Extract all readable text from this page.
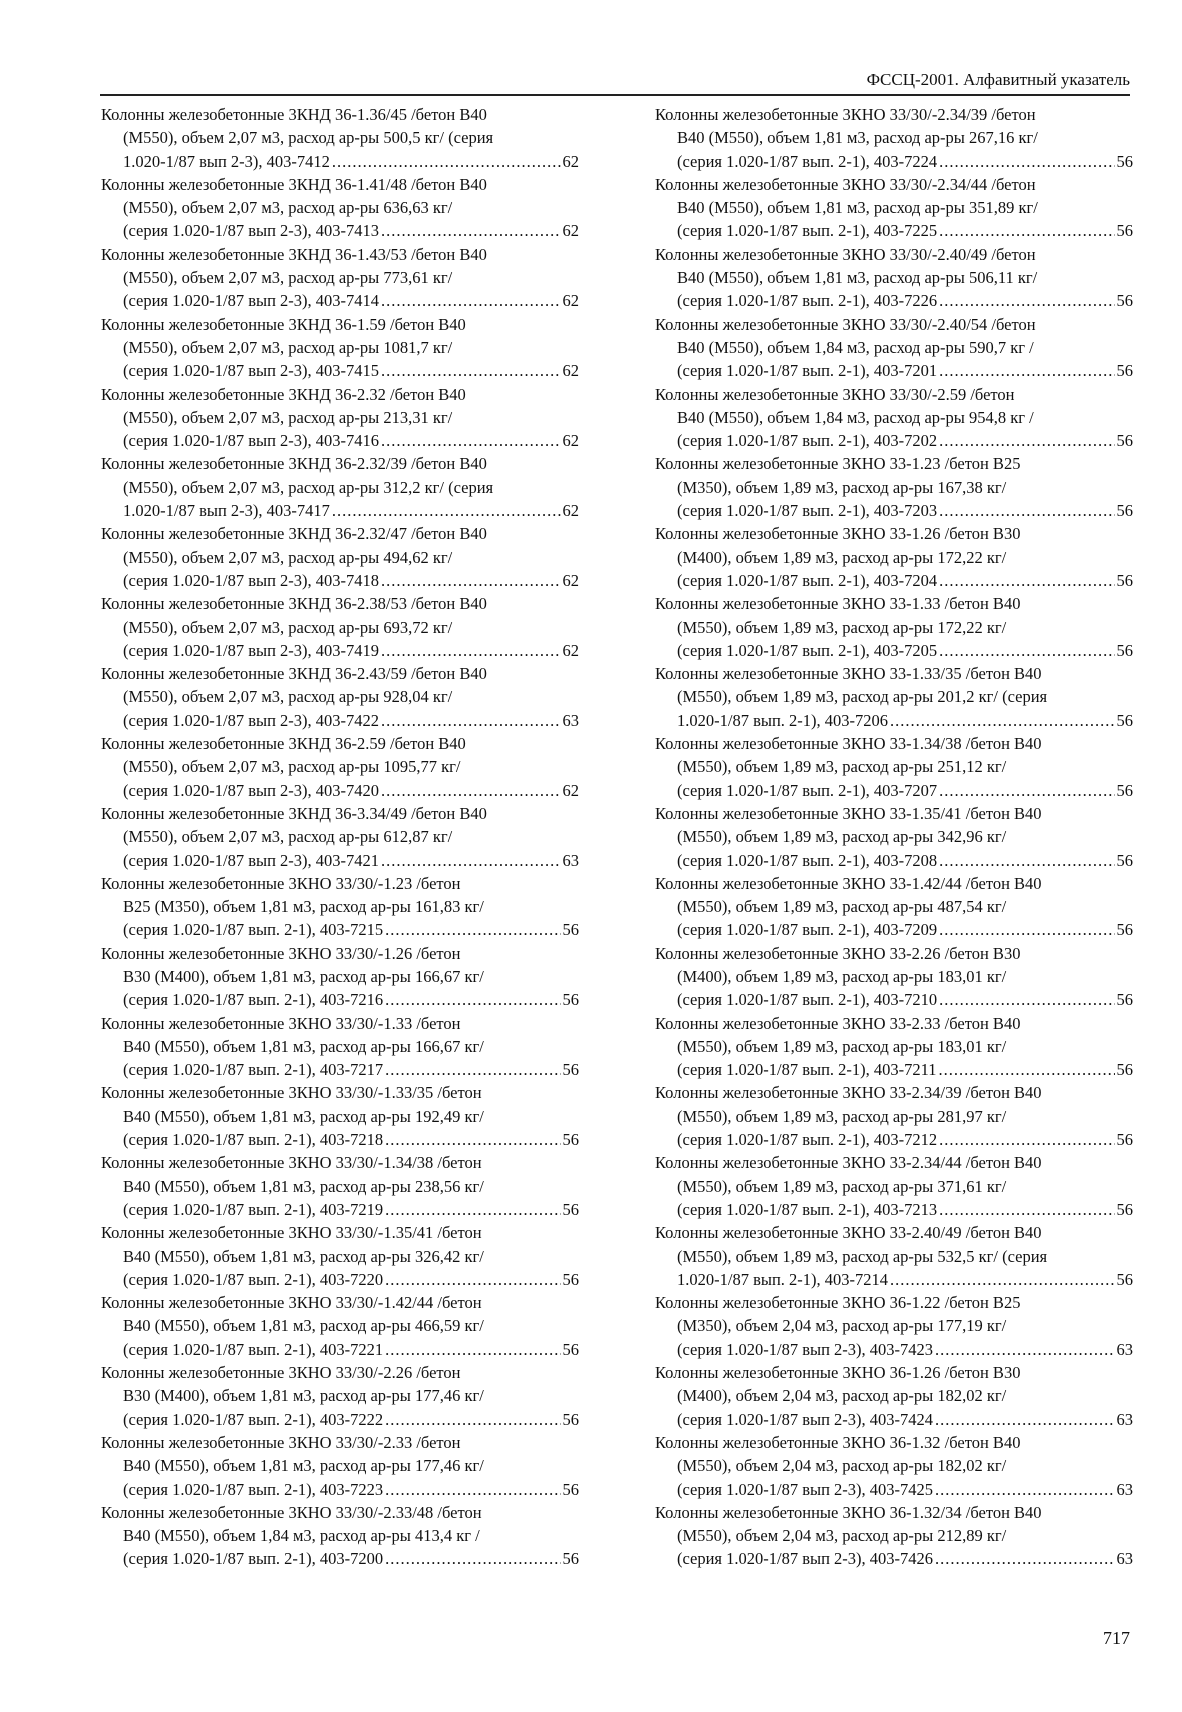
ФССЦ-2001. Алфавитный указатель
Колонны железобетонные 3КНД 36-1.36/45 /бетон В40
(М550), объем 2,07 м3, расход ар-ры 500,5 кг/ (серия
1.020-1/87 вып 2-3), 403-7412 .....	62
Колонны железобетонные 3КНД 36-1.41/48 /бетон В40
(М550), объем 2,07 м3, расход ар-ры 636,63 кг/
(серия 1.020-1/87 вып 2-3), 403-7413 .....	62
Колонны железобетонные 3КНД 36-1.43/53 /бетон В40
(М550), объем 2,07 м3, расход ар-ры 773,61 кг/
(серия 1.020-1/87 вып 2-3), 403-7414 .....	62
Колонны железобетонные 3КНД 36-1.59 /бетон В40
(М550), объем 2,07 м3, расход ар-ры 1081,7 кг/
(серия 1.020-1/87 вып 2-3), 403-7415 .....	62
Колонны железобетонные 3КНД 36-2.32 /бетон В40
(М550), объем 2,07 м3, расход ар-ры 213,31 кг/
(серия 1.020-1/87 вып 2-3), 403-7416 .....	62
Колонны железобетонные 3КНД 36-2.32/39 /бетон В40
(М550), объем 2,07 м3, расход ар-ры 312,2 кг/ (серия
1.020-1/87 вып 2-3), 403-7417 .....	62
Колонны железобетонные 3КНД 36-2.32/47 /бетон В40
(М550), объем 2,07 м3, расход ар-ры 494,62 кг/
(серия 1.020-1/87 вып 2-3), 403-7418 .....	62
Колонны железобетонные 3КНД 36-2.38/53 /бетон В40
(М550), объем 2,07 м3, расход ар-ры 693,72 кг/
(серия 1.020-1/87 вып 2-3), 403-7419 .....	62
Колонны железобетонные 3КНД 36-2.43/59 /бетон В40
(М550), объем 2,07 м3, расход ар-ры 928,04 кг/
(серия 1.020-1/87 вып 2-3), 403-7422 .....	63
Колонны железобетонные 3КНД 36-2.59 /бетон В40
(М550), объем 2,07 м3, расход ар-ры 1095,77 кг/
(серия 1.020-1/87 вып 2-3), 403-7420 .....	62
Колонны железобетонные 3КНД 36-3.34/49 /бетон В40
(М550), объем 2,07 м3, расход ар-ры 612,87 кг/
(серия 1.020-1/87 вып 2-3), 403-7421 .....	63
Колонны железобетонные 3КНО 33/30/-1.23 /бетон
В25 (М350), объем 1,81 м3, расход ар-ры 161,83 кг/
(серия 1.020-1/87 вып. 2-1), 403-7215 .....	56
Колонны железобетонные 3КНО 33/30/-1.26 /бетон
В30 (М400), объем 1,81 м3, расход ар-ры 166,67 кг/
(серия 1.020-1/87 вып. 2-1), 403-7216 .....	56
Колонны железобетонные 3КНО 33/30/-1.33 /бетон
В40 (М550), объем 1,81 м3, расход ар-ры 166,67 кг/
(серия 1.020-1/87 вып. 2-1), 403-7217 .....	56
Колонны железобетонные 3КНО 33/30/-1.33/35 /бетон
В40 (М550), объем 1,81 м3, расход ар-ры 192,49 кг/
(серия 1.020-1/87 вып. 2-1), 403-7218 .....	56
Колонны железобетонные 3КНО 33/30/-1.34/38 /бетон
В40 (М550), объем 1,81 м3, расход ар-ры 238,56 кг/
(серия 1.020-1/87 вып. 2-1), 403-7219 .....	56
Колонны железобетонные 3КНО 33/30/-1.35/41 /бетон
В40 (М550), объем 1,81 м3, расход ар-ры 326,42 кг/
(серия 1.020-1/87 вып. 2-1), 403-7220 .....	56
Колонны железобетонные 3КНО 33/30/-1.42/44 /бетон
В40 (М550), объем 1,81 м3, расход ар-ры 466,59 кг/
(серия 1.020-1/87 вып. 2-1), 403-7221 .....	56
Колонны железобетонные 3КНО 33/30/-2.26 /бетон
В30 (М400), объем 1,81 м3, расход ар-ры 177,46 кг/
(серия 1.020-1/87 вып. 2-1), 403-7222 .....	56
Колонны железобетонные 3КНО 33/30/-2.33 /бетон
В40 (М550), объем 1,81 м3, расход ар-ры 177,46 кг/
(серия 1.020-1/87 вып. 2-1), 403-7223 .....	56
Колонны железобетонные 3КНО 33/30/-2.33/48 /бетон
В40 (М550), объем 1,84 м3, расход ар-ры 413,4 кг /
(серия 1.020-1/87 вып. 2-1), 403-7200 .....	56
Колонны железобетонные 3КНО 33/30/-2.34/39 /бетон
В40 (М550), объем 1,81 м3, расход ар-ры 267,16 кг/
(серия 1.020-1/87 вып. 2-1), 403-7224 .....	56
Колонны железобетонные 3КНО 33/30/-2.34/44 /бетон
В40 (М550), объем 1,81 м3, расход ар-ры 351,89 кг/
(серия 1.020-1/87 вып. 2-1), 403-7225 .....	56
Колонны железобетонные 3КНО 33/30/-2.40/49 /бетон
В40 (М550), объем 1,81 м3, расход ар-ры 506,11 кг/
(серия 1.020-1/87 вып. 2-1), 403-7226 .....	56
Колонны железобетонные 3КНО 33/30/-2.40/54 /бетон
В40 (М550), объем 1,84 м3, расход ар-ры 590,7 кг /
(серия 1.020-1/87 вып. 2-1), 403-7201 .....	56
Колонны железобетонные 3КНО 33/30/-2.59 /бетон
В40 (М550), объем 1,84 м3, расход ар-ры 954,8 кг /
(серия 1.020-1/87 вып. 2-1), 403-7202 .....	56
Колонны железобетонные 3КНО 33-1.23 /бетон В25
(М350), объем 1,89 м3, расход ар-ры 167,38 кг/
(серия 1.020-1/87 вып. 2-1), 403-7203 .....	56
Колонны железобетонные 3КНО 33-1.26 /бетон В30
(М400), объем 1,89 м3, расход ар-ры 172,22 кг/
(серия 1.020-1/87 вып. 2-1), 403-7204 .....	56
Колонны железобетонные 3КНО 33-1.33 /бетон В40
(М550), объем 1,89 м3, расход ар-ры 172,22 кг/
(серия 1.020-1/87 вып. 2-1), 403-7205 .....	56
Колонны железобетонные 3КНО 33-1.33/35 /бетон В40
(М550), объем 1,89 м3, расход ар-ры 201,2 кг/ (серия
1.020-1/87 вып. 2-1), 403-7206 .....	56
Колонны железобетонные 3КНО 33-1.34/38 /бетон В40
(М550), объем 1,89 м3, расход ар-ры 251,12 кг/
(серия 1.020-1/87 вып. 2-1), 403-7207 .....	56
Колонны железобетонные 3КНО 33-1.35/41 /бетон В40
(М550), объем 1,89 м3, расход ар-ры 342,96 кг/
(серия 1.020-1/87 вып. 2-1), 403-7208 .....	56
Колонны железобетонные 3КНО 33-1.42/44 /бетон В40
(М550), объем 1,89 м3, расход ар-ры 487,54 кг/
(серия 1.020-1/87 вып. 2-1), 403-7209 .....	56
Колонны железобетонные 3КНО 33-2.26 /бетон В30
(М400), объем 1,89 м3, расход ар-ры 183,01 кг/
(серия 1.020-1/87 вып. 2-1), 403-7210 .....	56
Колонны железобетонные 3КНО 33-2.33 /бетон В40
(М550), объем 1,89 м3, расход ар-ры 183,01 кг/
(серия 1.020-1/87 вып. 2-1), 403-7211 .....	56
Колонны железобетонные 3КНО 33-2.34/39 /бетон В40
(М550), объем 1,89 м3, расход ар-ры 281,97 кг/
(серия 1.020-1/87 вып. 2-1), 403-7212 .....	56
Колонны железобетонные 3КНО 33-2.34/44 /бетон В40
(М550), объем 1,89 м3, расход ар-ры 371,61 кг/
(серия 1.020-1/87 вып. 2-1), 403-7213 .....	56
Колонны железобетонные 3КНО 33-2.40/49 /бетон В40
(М550), объем 1,89 м3, расход ар-ры 532,5 кг/ (серия
1.020-1/87 вып. 2-1), 403-7214 .....	56
Колонны железобетонные 3КНО 36-1.22 /бетон В25
(М350), объем 2,04 м3, расход ар-ры 177,19 кг/
(серия 1.020-1/87 вып 2-3), 403-7423 .....	63
Колонны железобетонные 3КНО 36-1.26 /бетон В30
(М400), объем 2,04 м3, расход ар-ры 182,02 кг/
(серия 1.020-1/87 вып 2-3), 403-7424 .....	63
Колонны железобетонные 3КНО 36-1.32 /бетон В40
(М550), объем 2,04 м3, расход ар-ры 182,02 кг/
(серия 1.020-1/87 вып 2-3), 403-7425 .....	63
Колонны железобетонные 3КНО 36-1.32/34 /бетон В40
(М550), объем 2,04 м3, расход ар-ры 212,89 кг/
(серия 1.020-1/87 вып 2-3), 403-7426 .....	63
717
